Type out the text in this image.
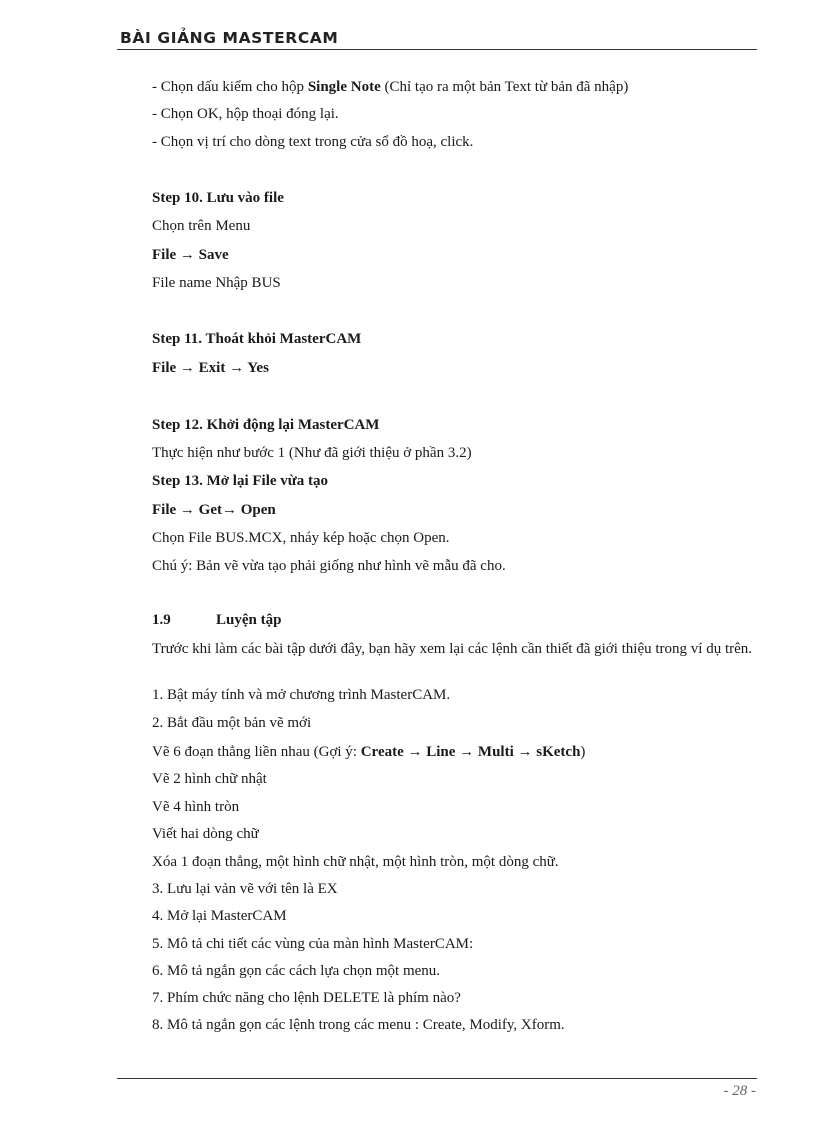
BÀI GIẢNG MASTERCAM
- Chọn dấu kiểm cho hộp Single Note (Chỉ tạo ra một bản Text từ bản đã nhập)
- Chọn OK, hộp thoại đóng lại.
- Chọn vị trí cho dòng text trong cửa sổ đồ hoạ, click.
Step 10. Lưu vào file
Chọn trên Menu
File → Save
File name Nhập BUS
Step 11. Thoát khỏi MasterCAM
File → Exit → Yes
Step 12. Khởi động lại MasterCAM
Thực hiện như bước 1 (Như đã giới thiệu ở phần 3.2)
Step 13. Mở lại File vừa tạo
File → Get→ Open
Chọn File BUS.MCX, nháy kép hoặc chọn Open.
Chú ý: Bản vẽ vừa tạo phải giống như hình vẽ mẫu đã cho.
1.9	Luyện tập

Trước khi làm các bài tập dưới đây, bạn hãy xem lại các lệnh cần thiết đã giới thiệu trong ví dụ trên.

1. Bật máy tính và mở chương trình MasterCAM.
2. Bắt đầu một bản vẽ mới
Vẽ 6 đoạn thẳng liền nhau (Gợi ý: Create → Line → Multi → sKetch)
Vẽ 2 hình chữ nhật
Vẽ 4 hình tròn
Viết hai dòng chữ
Xóa 1 đoạn thẳng, một hình chữ nhật, một hình tròn, một dòng chữ.
3. Lưu lại vản vẽ với tên là EX
4. Mở lại MasterCAM
5. Mô tả chi tiết các vùng của màn hình MasterCAM:
6. Mô tả ngắn gọn các cách lựa chọn một menu.
7. Phím chức năng cho lệnh DELETE là phím nào?
8. Mô tả ngắn gọn các lệnh trong các menu : Create, Modify, Xform.
- 28 -
